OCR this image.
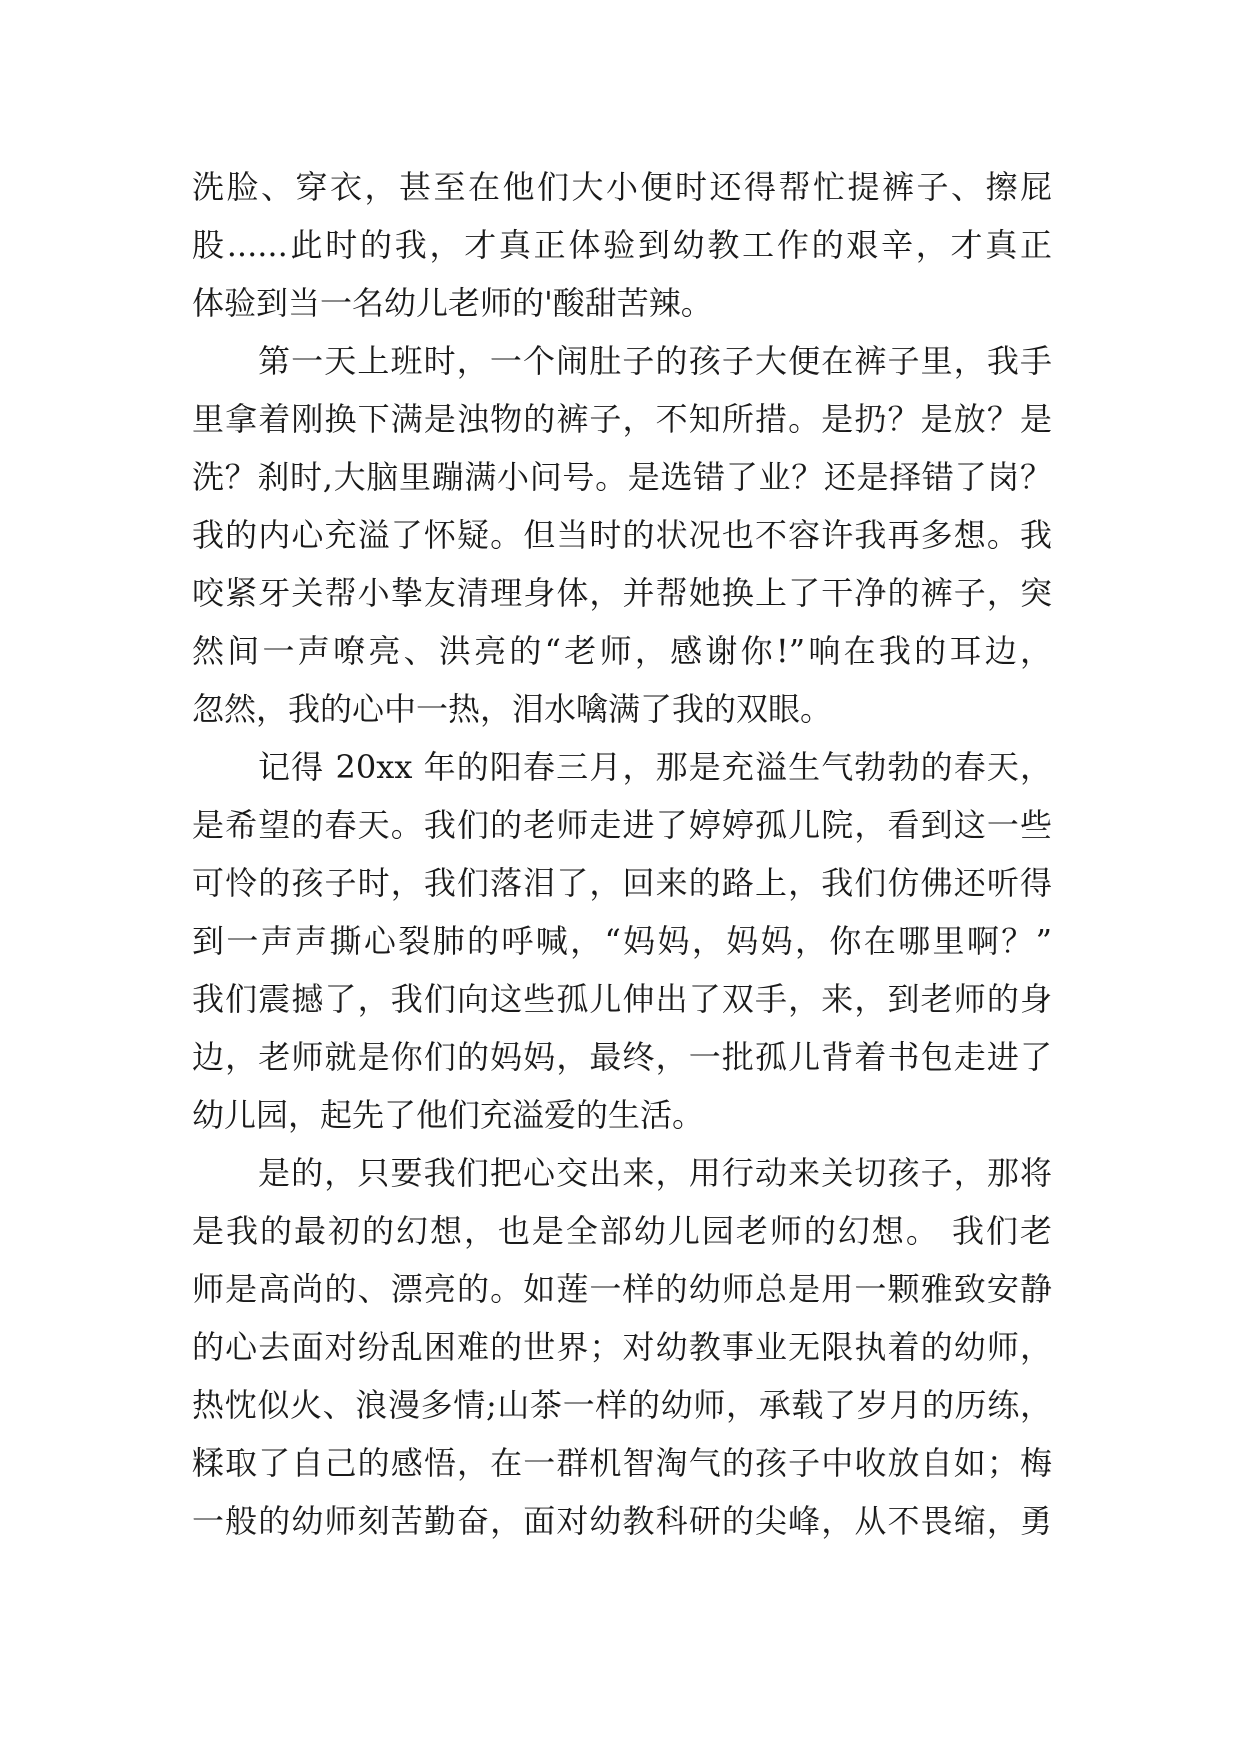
洗脸、穿衣，甚至在他们大小便时还得帮忙提裤子、擦屁
股......此时的我，才真正体验到幼教工作的艰辛，才真正
体验到当一名幼儿老师的'酸甜苦辣。
第一天上班时，一个闹肚子的孩子大便在裤子里，我手
里拿着刚换下满是浊物的裤子，不知所措。是扔？是放？是
洗？刹时,大脑里蹦满小问号。是选错了业？还是择错了岗？
我的内心充溢了怀疑。但当时的状况也不容许我再多想。我
咬紧牙关帮小挚友清理身体，并帮她换上了干净的裤子，突
然间一声嘹亮、洪亮的“老师，感谢你!”响在我的耳边，
忽然，我的心中一热，泪水噙满了我的双眼。
记得 20xx 年的阳春三月，那是充溢生气勃勃的春天，
是希望的春天。我们的老师走进了婷婷孤儿院，看到这一些
可怜的孩子时，我们落泪了，回来的路上，我们仿佛还听得
到一声声撕心裂肺的呼喊，“妈妈，妈妈，你在哪里啊？”
我们震撼了，我们向这些孤儿伸出了双手，来，到老师的身
边，老师就是你们的妈妈，最终，一批孤儿背着书包走进了
幼儿园，起先了他们充溢爱的生活。
是的，只要我们把心交出来，用行动来关切孩子，那将
是我的最初的幻想，也是全部幼儿园老师的幻想。 我们老
师是高尚的、漂亮的。如莲一样的幼师总是用一颗雅致安静
的心去面对纷乱困难的世界；对幼教事业无限执着的幼师，
热忱似火、浪漫多情;山茶一样的幼师，承载了岁月的历练，
糅取了自己的感悟，在一群机智淘气的孩子中收放自如；梅
一般的幼师刻苦勤奋，面对幼教科研的尖峰，从不畏缩，勇
